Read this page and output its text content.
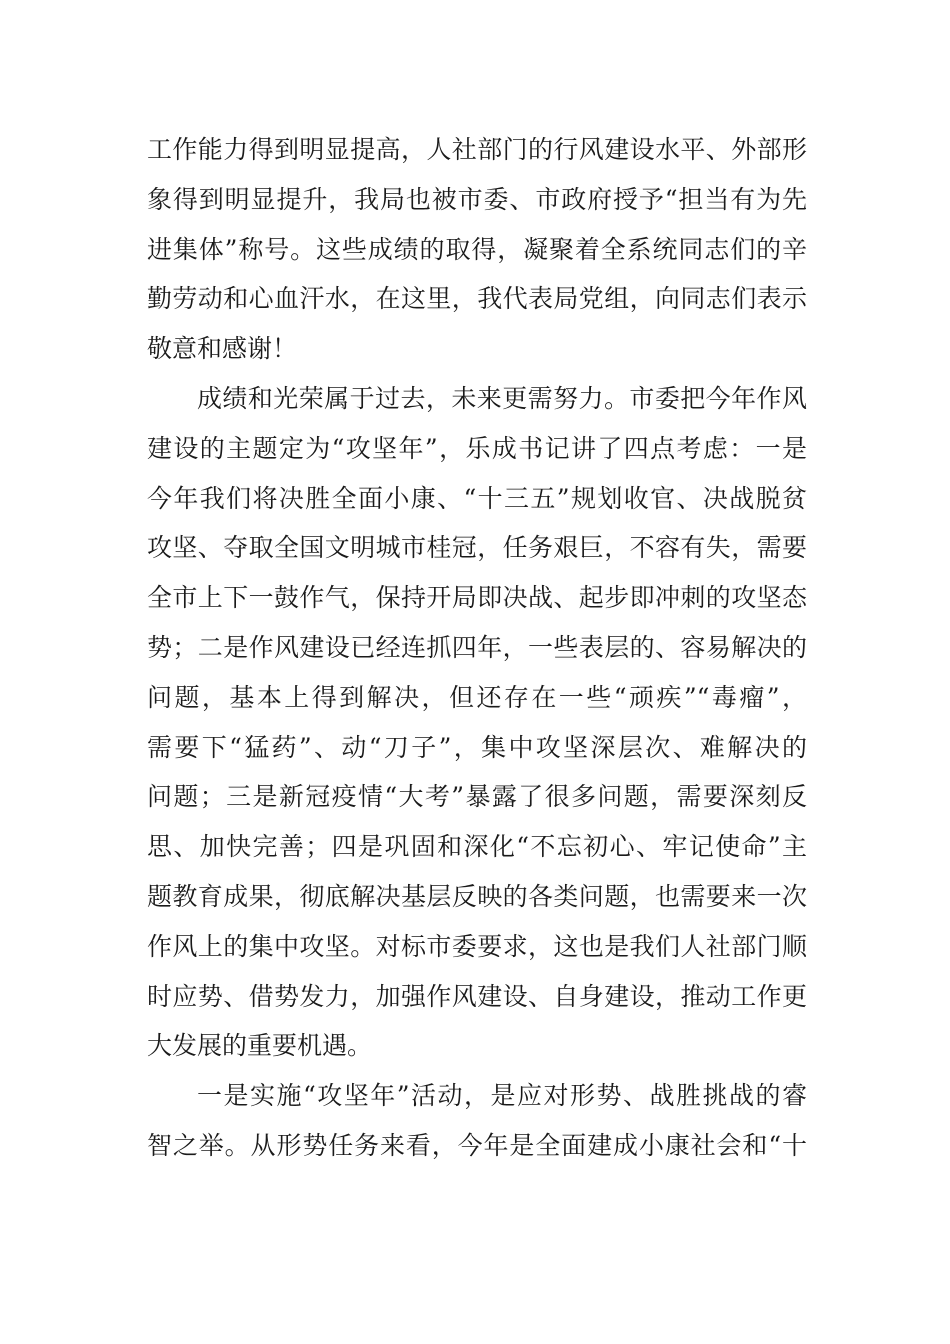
工作能力得到明显提高，人社部门的行风建设水平、外部形
象得到明显提升，我局也被市委、市政府授予“担当有为先
进集体”称号。这些成绩的取得，凝聚着全系统同志们的辛
勤劳动和心血汗水，在这里，我代表局党组，向同志们表示
敬意和感谢！
成绩和光荣属于过去，未来更需努力。市委把今年作风
建设的主题定为“攻坚年”，乐成书记讲了四点考虑：一是
今年我们将决胜全面小康、“十三五”规划收官、决战脱贫
攻坚、夺取全国文明城市桂冠，任务艰巨，不容有失，需要
全市上下一鼓作气，保持开局即决战、起步即冲刺的攻坚态
势；二是作风建设已经连抓四年，一些表层的、容易解决的
问题，基本上得到解决，但还存在一些“顽疾”“毒瘤”，
需要下“猛药”、动“刀子”，集中攻坚深层次、难解决的
问题；三是新冠疫情“大考”暴露了很多问题，需要深刻反
思、加快完善；四是巩固和深化“不忘初心、牢记使命”主
题教育成果，彻底解决基层反映的各类问题，也需要来一次
作风上的集中攻坚。对标市委要求，这也是我们人社部门顺
时应势、借势发力，加强作风建设、自身建设，推动工作更
大发展的重要机遇。
一是实施“攻坚年”活动，是应对形势、战胜挑战的睿
智之举。从形势任务来看，今年是全面建成小康社会和“十
